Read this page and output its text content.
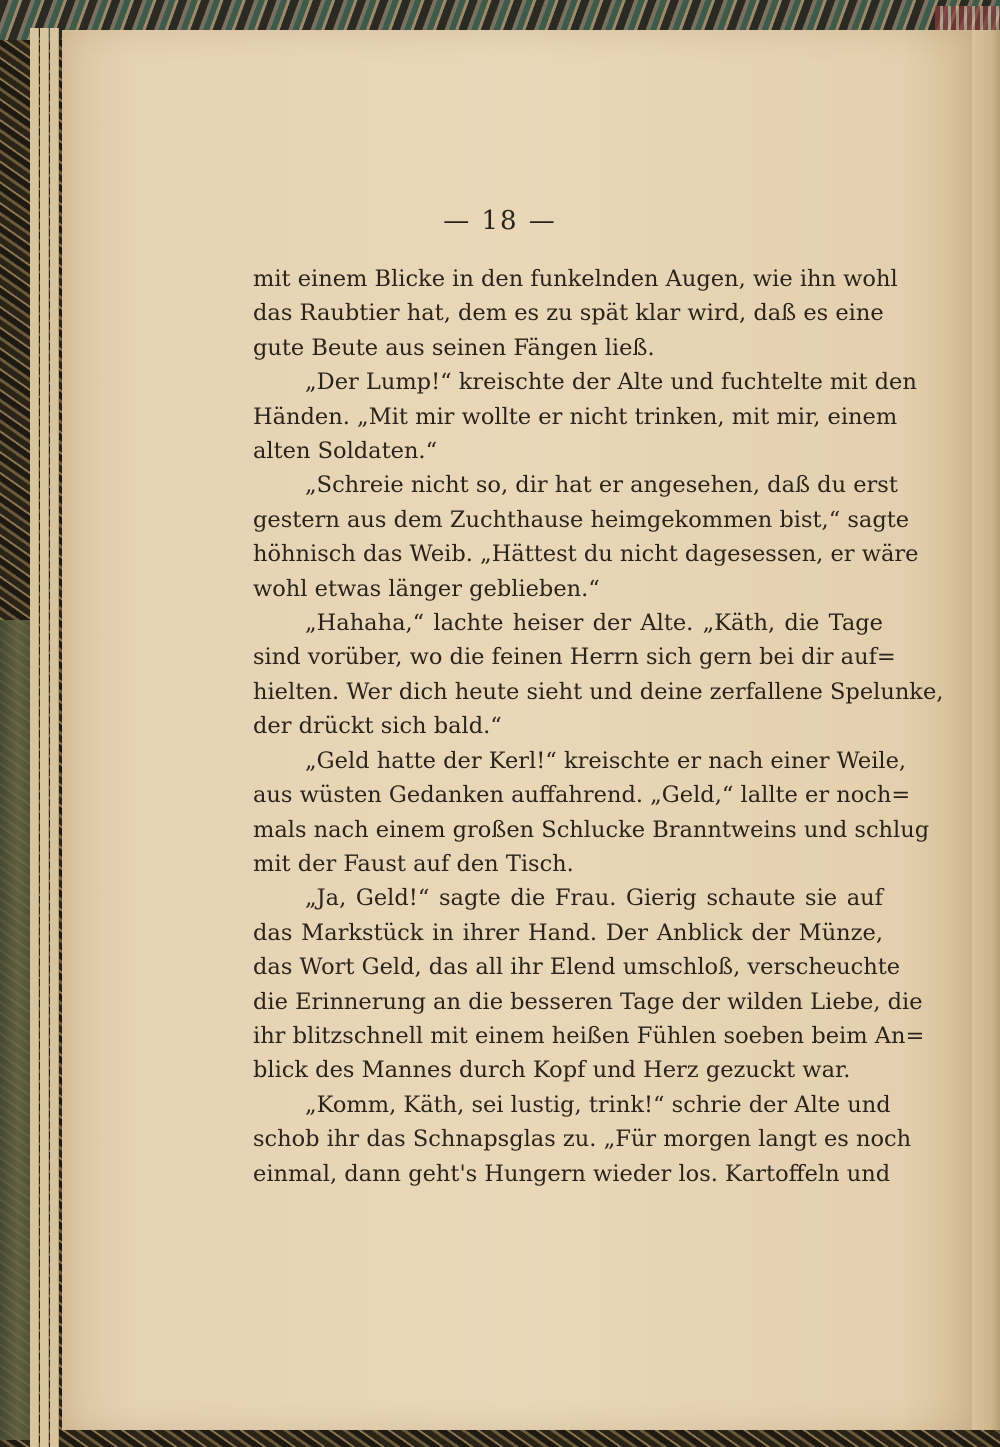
— 18 —
mit einem Blicke in den funkelnden Augen, wie ihn wohl
das Raubtier hat, dem es zu spät klar wird, daß es eine
gute Beute aus seinen Fängen ließ.
„Der Lump!“ kreischte der Alte und fuchtelte mit den
Händen. „Mit mir wollte er nicht trinken, mit mir, einem
alten Soldaten.“
„Schreie nicht so, dir hat er angesehen, daß du erst
gestern aus dem Zuchthause heimgekommen bist,“ sagte
höhnisch das Weib. „Hättest du nicht dagesessen, er wäre
wohl etwas länger geblieben.“
„Hahaha,“ lachte heiser der Alte. „Käth, die Tage
sind vorüber, wo die feinen Herrn sich gern bei dir auf=
hielten. Wer dich heute sieht und deine zerfallene Spelunke,
der drückt sich bald.“
„Geld hatte der Kerl!“ kreischte er nach einer Weile,
aus wüsten Gedanken auffahrend. „Geld,“ lallte er noch=
mals nach einem großen Schlucke Branntweins und schlug
mit der Faust auf den Tisch.
„Ja, Geld!“ sagte die Frau. Gierig schaute sie auf
das Markstück in ihrer Hand. Der Anblick der Münze,
das Wort Geld, das all ihr Elend umschloß, verscheuchte
die Erinnerung an die besseren Tage der wilden Liebe, die
ihr blitzschnell mit einem heißen Fühlen soeben beim An=
blick des Mannes durch Kopf und Herz gezuckt war.
„Komm, Käth, sei lustig, trink!“ schrie der Alte und
schob ihr das Schnapsglas zu. „Für morgen langt es noch
einmal, dann geht's Hungern wieder los. Kartoffeln und
